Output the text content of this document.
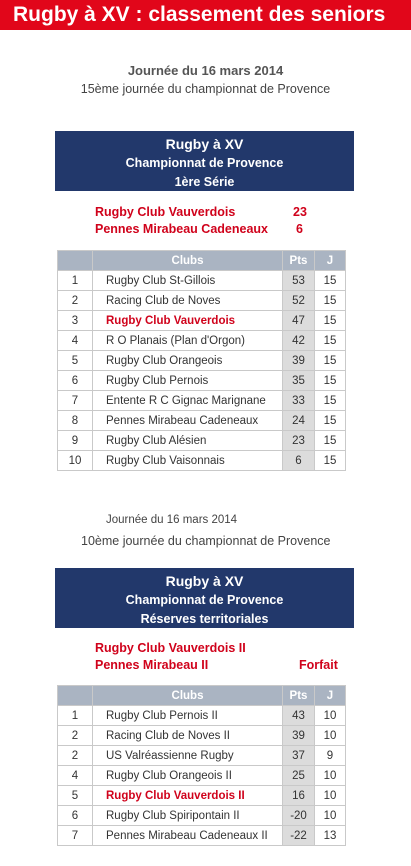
Rugby à XV : classement des seniors
Journée du 16 mars 2014
15ème journée du championnat de Provence
Rugby à XV
Championnat de Provence
1ère Série
Rugby Club Vauverdois	23
Pennes Mirabeau Cadeneaux 6
	Clubs	Pts	J
1	Rugby Club St-Gillois	53	15
2	Racing Club de Noves	52	15
3	Rugby Club Vauverdois	47	15
4	R O Planais (Plan d'Orgon)	42	15
5	Rugby Club Orangeois	39	15
6	Rugby Club Pernois	35	15
7	Entente R C Gignac Marignane	33	15
8	Pennes Mirabeau Cadeneaux	24	15
9	Rugby Club Alésien	23	15
10	Rugby Club Vaisonnais	6	15
Journée du 16 mars 2014
10ème journée du championnat de Provence
Rugby à XV
Championnat de Provence
Réserves territoriales
Rugby Club Vauverdois II
Pennes Mirabeau II	Forfait
	Clubs	Pts	J
1	Rugby Club Pernois II	43	10
2	Racing Club de Noves II	39	10
2	US Valréassienne Rugby	37	9
4	Rugby Club Orangeois II	25	10
5	Rugby Club Vauverdois II	16	10
6	Rugby Club Spiripontain II	-20	10
7	Pennes Mirabeau Cadeneaux II	-22	13
